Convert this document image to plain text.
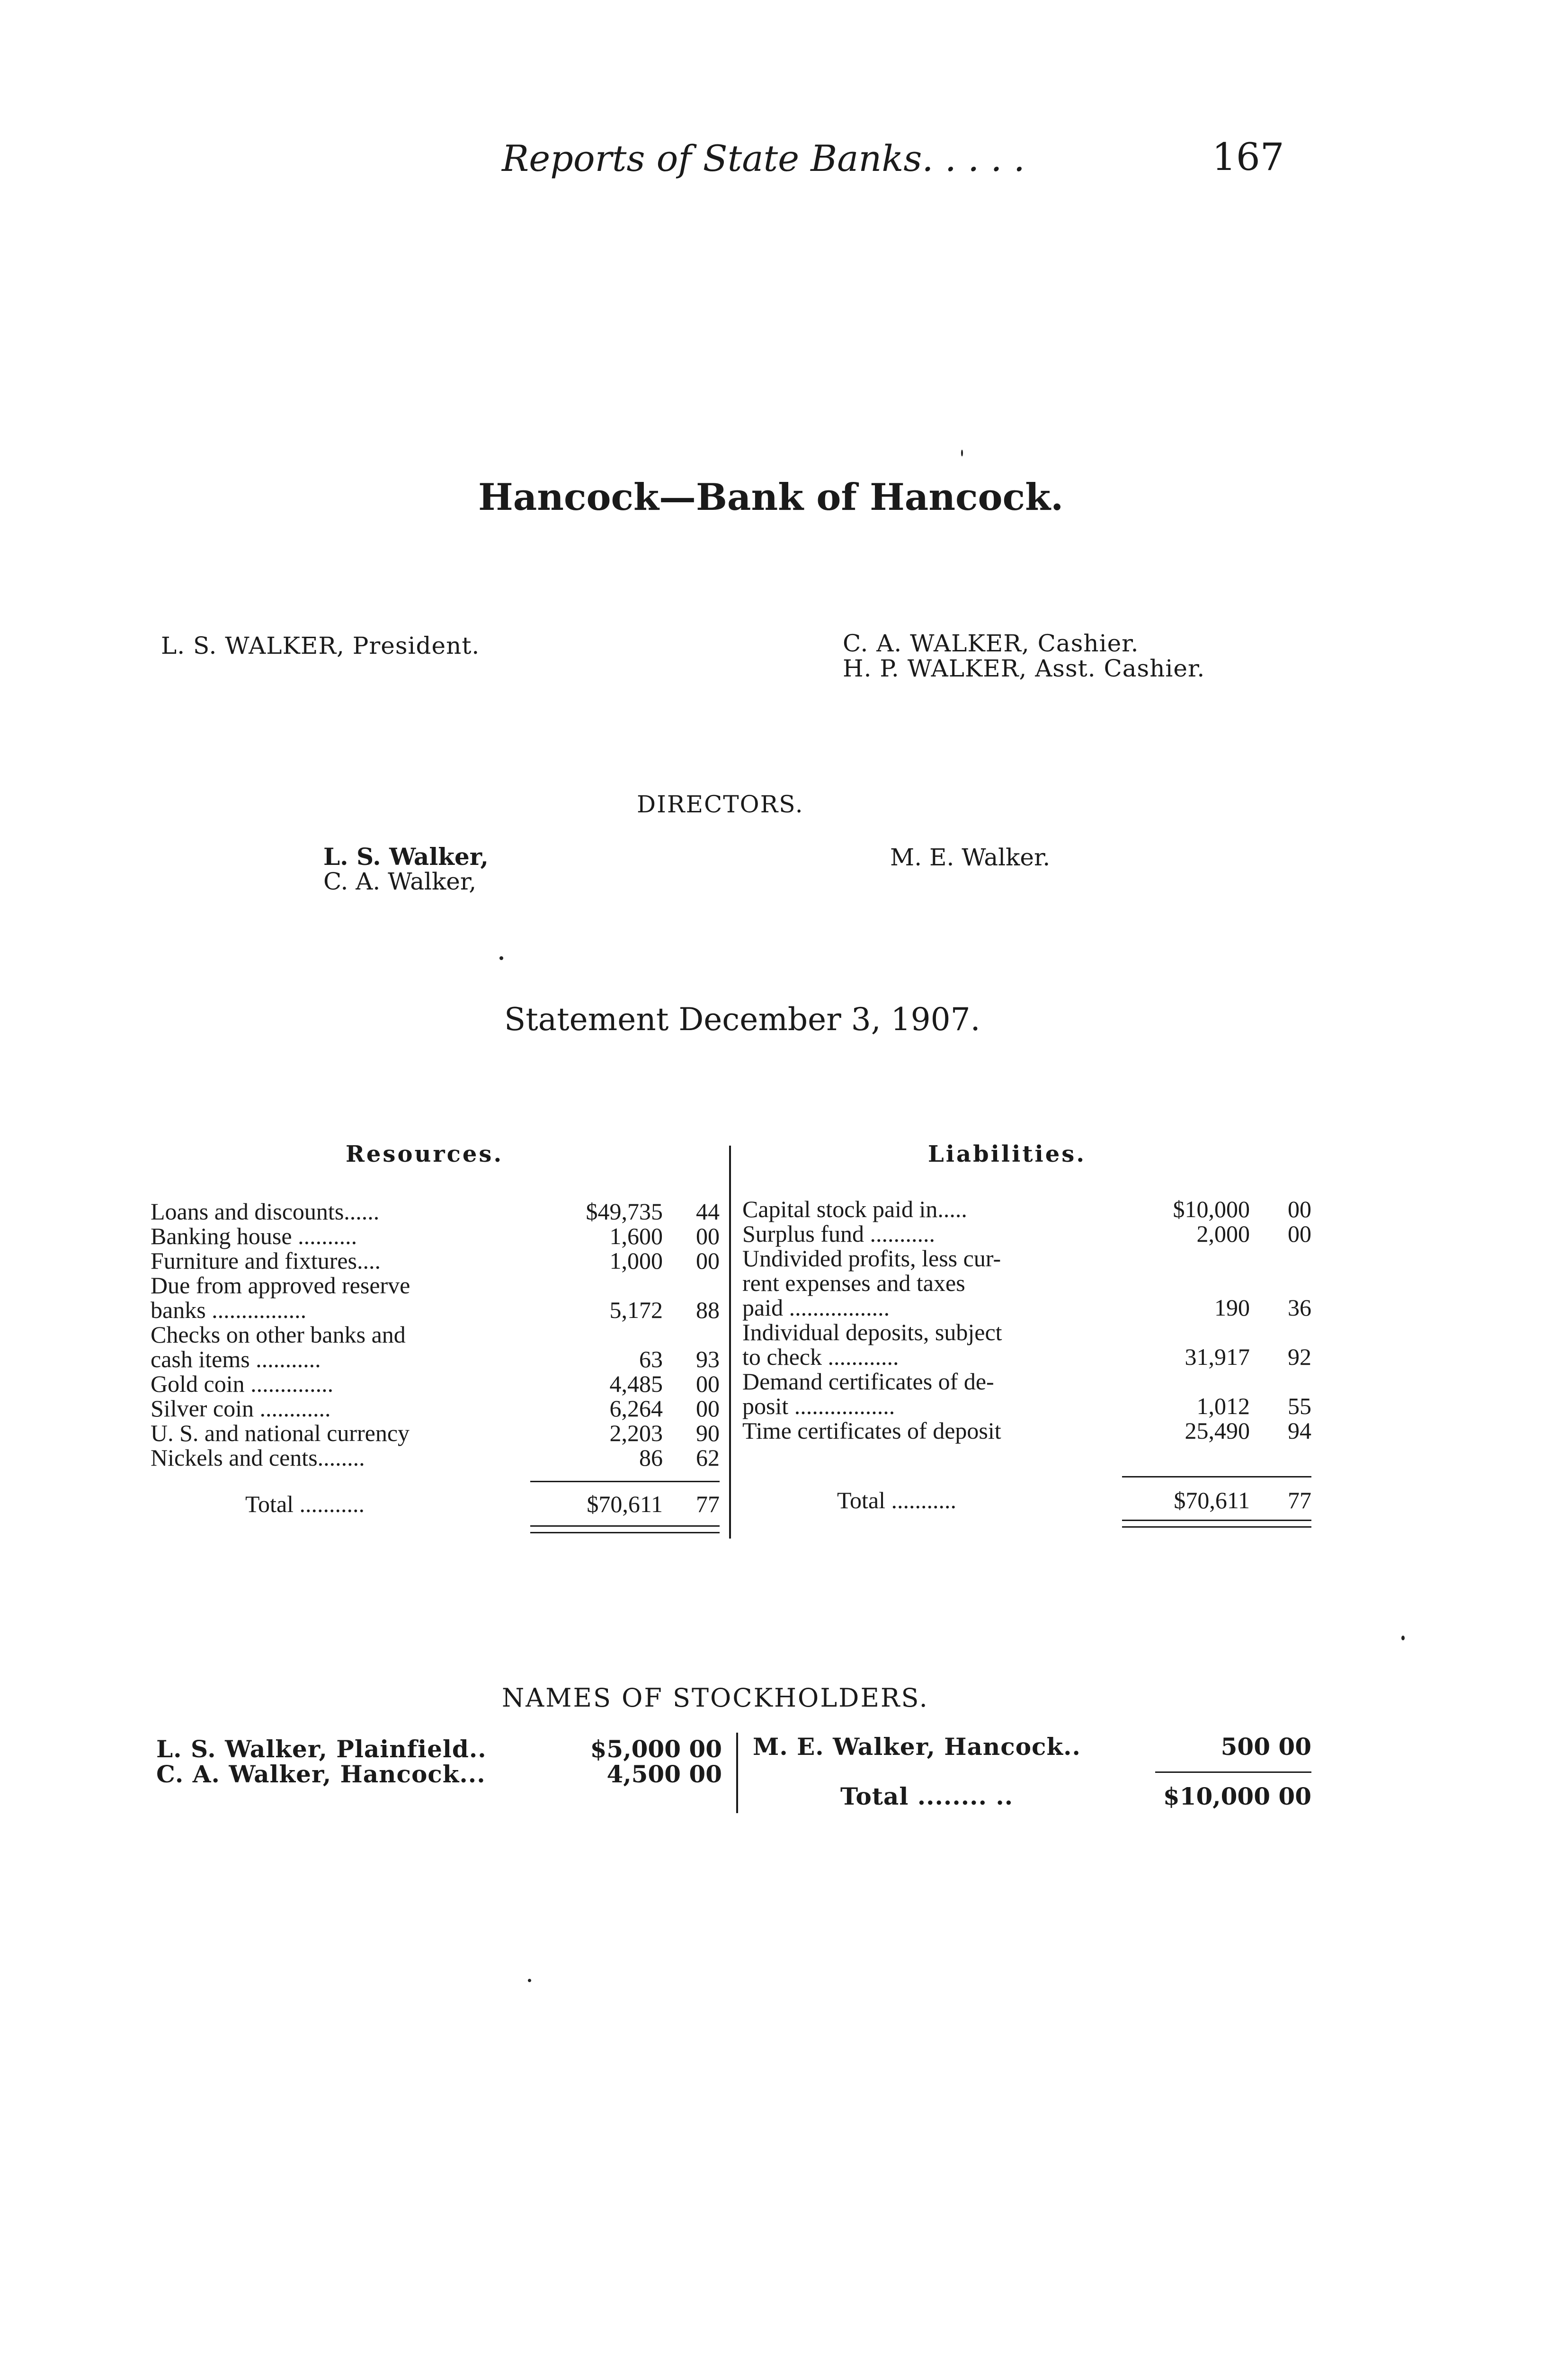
Reports of State Banks. . . . .	167
Hancock—Bank of Hancock.
L. S. WALKER, President.	C. A. WALKER, Cashier.
H. P. WALKER, Asst. Cashier.
DIRECTORS.
L. S. Walker,
C. A. Walker,
M. E. Walker.
Statement December 3, 1907.
Resources.	Liabilities.
Loans and discounts......	$49,735	44
Banking house ..........	1,600	00
Furniture and fixtures....	1,000	00
Due from approved reserve
banks ................	5,172	88
Checks on other banks and
cash items ...........	63	93
Gold coin ..............	4,485	00
Silver coin ............	6,264	00
U. S. and national currency	2,203	90
Nickels and cents........	86	62
Total ...........	$70,611	77
Capital stock paid in.....	$10,000	00
Surplus fund ...........	2,000	00
Undivided profits, less cur-
rent expenses and taxes
paid .................	190	36
Individual deposits, subject
to check ............	31,917	92
Demand certificates of de-
posit .................	1,012	55
Time certificates of deposit	25,490	94
Total ...........	$70,611	77
NAMES OF STOCKHOLDERS.
L. S. Walker, Plainfield..	$5,000 00
C. A. Walker, Hancock...	4,500 00
M. E. Walker, Hancock..	500 00
Total ........ ..	$10,000 00
